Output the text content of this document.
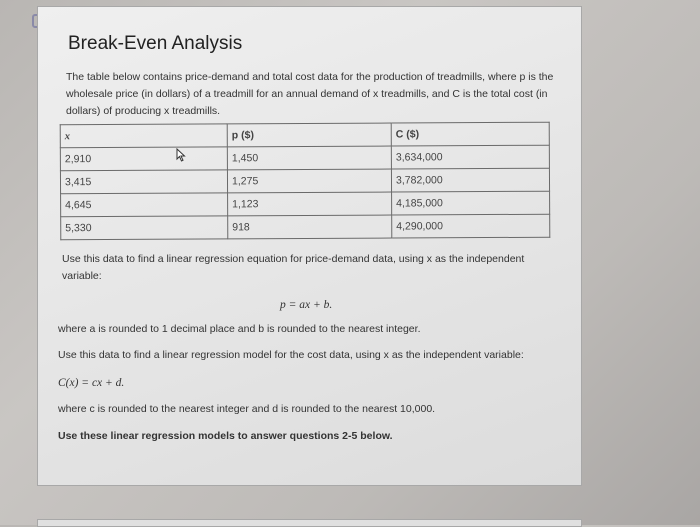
Break-Even Analysis
The table below contains price-demand and total cost data for the production of treadmills, where p is the wholesale price (in dollars) of a treadmill for an annual demand of x treadmills, and C is the total cost (in dollars) of producing x treadmills.
x	p ($)	C ($)
2,910	1,450	3,634,000
3,415	1,275	3,782,000
4,645	1,123	4,185,000
5,330	918	4,290,000
Use this data to find a linear regression equation for price-demand data, using x as the independent variable:
p = ax + b.
where a is rounded to 1 decimal place and b is rounded to the nearest integer.
Use this data to find a linear regression model for the cost data, using x as the independent variable:
C(x) = cx + d.
where c is rounded to the nearest integer and d is rounded to the nearest 10,000.
Use these linear regression models to answer questions 2-5 below.
